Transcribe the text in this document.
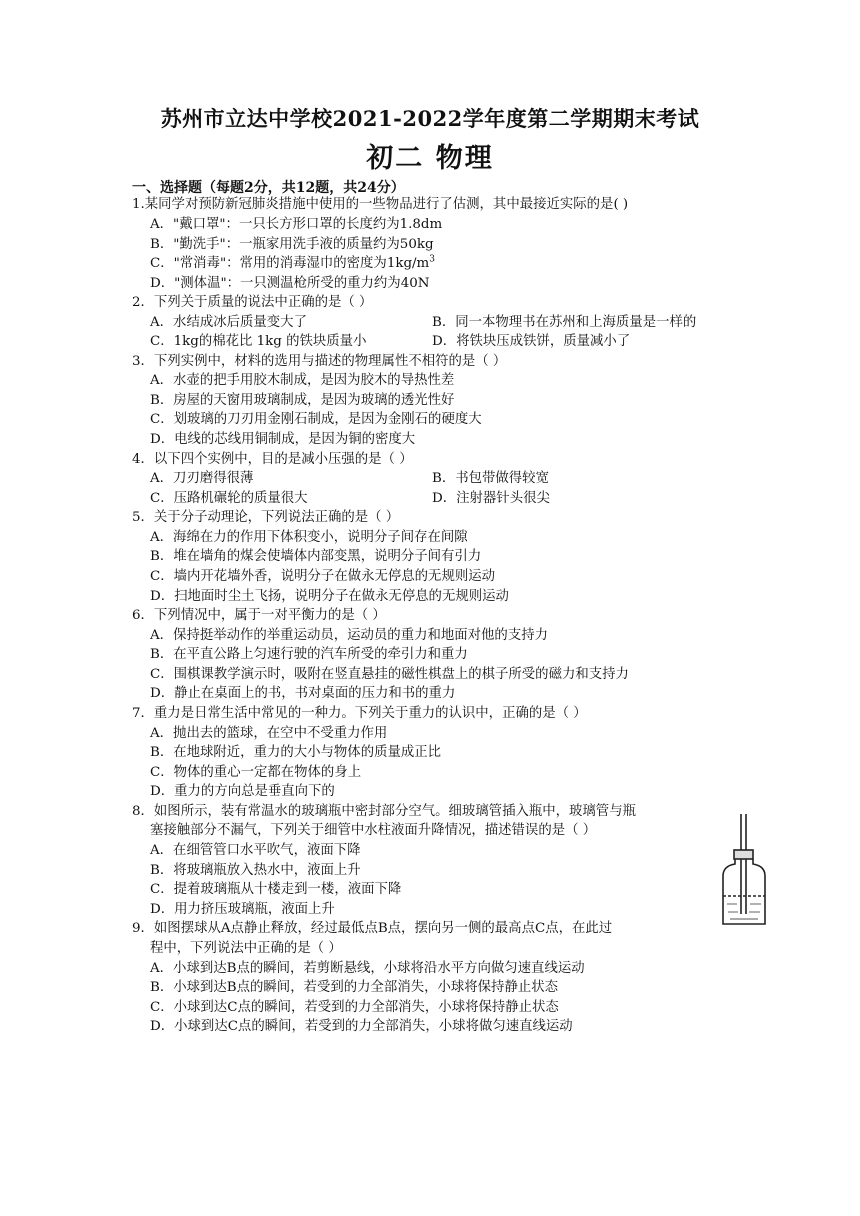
苏州市立达中学校2021-2022学年度第二学期期末考试
初二 物理
一、选择题（每题2分，共12题，共24分）
1.某同学对预防新冠肺炎措施中使用的一些物品进行了估测，其中最接近实际的是( )
A．"戴口罩"：一只长方形口罩的长度约为1.8dm
B．"勤洗手"：一瓶家用洗手液的质量约为50kg
C．"常消毒"：常用的消毒湿巾的密度为$1kg/m^3$
D．"测体温"：一只测温枪所受的重力约为40N
2．下列关于质量的说法中正确的是（ ）
A．水结成冰后质量变大了	B．同一本物理书在苏州和上海质量是一样的
C．1kg的棉花比 1kg 的铁块质量小	D．将铁块压成铁饼，质量减小了
3．下列实例中，材料的选用与描述的物理属性不相符的是（ ）
A．水壶的把手用胶木制成，是因为胶木的导热性差
B．房屋的天窗用玻璃制成，是因为玻璃的透光性好
C．划玻璃的刀刃用金刚石制成，是因为金刚石的硬度大
D．电线的芯线用铜制成，是因为铜的密度大
4．以下四个实例中，目的是减小压强的是（ ）
A．刀刃磨得很薄	B．书包带做得较宽
C．压路机碾轮的质量很大	D．注射器针头很尖
5．关于分子动理论，下列说法正确的是（ ）
A．海绵在力的作用下体积变小，说明分子间存在间隙
B．堆在墙角的煤会使墙体内部变黑，说明分子间有引力
C．墙内开花墙外香，说明分子在做永无停息的无规则运动
D．扫地面时尘土飞扬，说明分子在做永无停息的无规则运动
6．下列情况中，属于一对平衡力的是（ ）
A．保持挺举动作的举重运动员，运动员的重力和地面对他的支持力
B．在平直公路上匀速行驶的汽车所受的牵引力和重力
C．围棋课教学演示时，吸附在竖直悬挂的磁性棋盘上的棋子所受的磁力和支持力
D．静止在桌面上的书，书对桌面的压力和书的重力
7．重力是日常生活中常见的一种力。下列关于重力的认识中，正确的是（ ）
A．抛出去的篮球，在空中不受重力作用
B．在地球附近，重力的大小与物体的质量成正比
C．物体的重心一定都在物体的身上
D．重力的方向总是垂直向下的
8．如图所示，装有常温水的玻璃瓶中密封部分空气。细玻璃管插入瓶中，玻璃管与瓶
塞接触部分不漏气，下列关于细管中水柱液面升降情况，描述错误的是（ ）
A．在细管管口水平吹气，液面下降
B．将玻璃瓶放入热水中，液面上升
C．提着玻璃瓶从十楼走到一楼，液面下降
D．用力挤压玻璃瓶，液面上升
9．如图摆球从A点静止释放，经过最低点B点，摆向另一侧的最高点C点，在此过
程中，下列说法中正确的是（ ）
A．小球到达B点的瞬间，若剪断悬线，小球将沿水平方向做匀速直线运动
B．小球到达B点的瞬间，若受到的力全部消失，小球将保持静止状态
C．小球到达C点的瞬间，若受到的力全部消失，小球将保持静止状态
D．小球到达C点的瞬间，若受到的力全部消失，小球将做匀速直线运动
